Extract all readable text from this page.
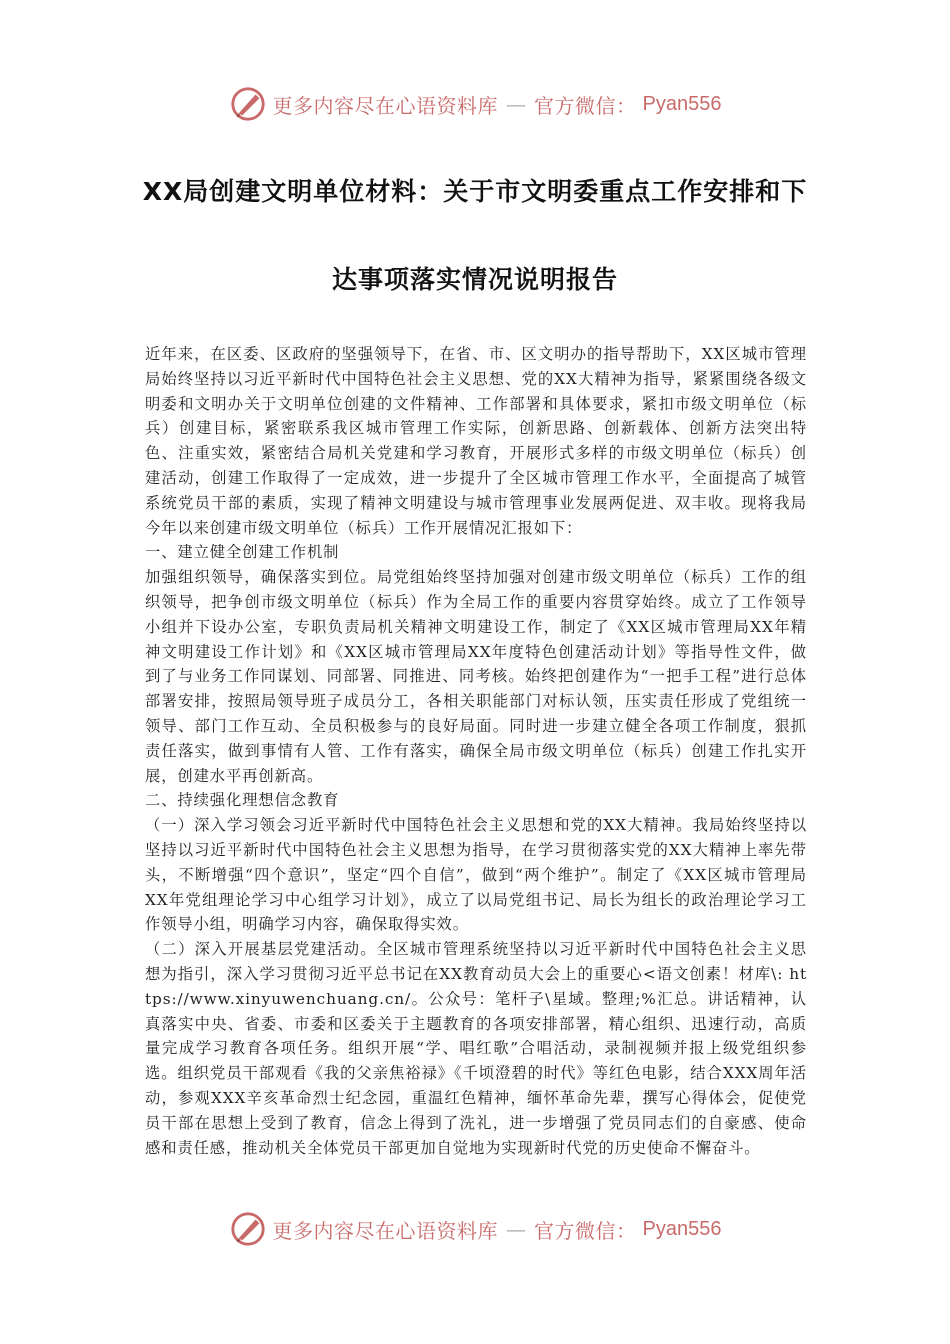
更多内容尽在心语资料库 — 官方微信： Pyan556
XX局创建文明单位材料：关于市文明委重点工作安排和下
达事项落实情况说明报告

近年来，在区委、区政府的坚强领导下，在省、市、区文明办的指导帮助下，XX区城市管理局始终坚持以习近平新时代中国特色社会主义思想、党的XX大精神为指导，紧紧围绕各级文明委和文明办关于文明单位创建的文件精神、工作部署和具体要求，紧扣市级文明单位（标兵）创建目标，紧密联系我区城市管理工作实际，创新思路、创新载体、创新方法突出特色、注重实效，紧密结合局机关党建和学习教育，开展形式多样的市级文明单位（标兵）创建活动，创建工作取得了一定成效，进一步提升了全区城市管理工作水平，全面提高了城管系统党员干部的素质，实现了精神文明建设与城市管理事业发展两促进、双丰收。现将我局今年以来创建市级文明单位（标兵）工作开展情况汇报如下：

一、建立健全创建工作机制

加强组织领导，确保落实到位。局党组始终坚持加强对创建市级文明单位（标兵）工作的组织领导，把争创市级文明单位（标兵）作为全局工作的重要内容贯穿始终。成立了工作领导小组并下设办公室，专职负责局机关精神文明建设工作，制定了《XX区城市管理局XX年精神文明建设工作计划》和《XX区城市管理局XX年度特色创建活动计划》等指导性文件，做到了与业务工作同谋划、同部署、同推进、同考核。始终把创建作为“一把手工程”进行总体部署安排，按照局领导班子成员分工，各相关职能部门对标认领，压实责任形成了党组统一领导、部门工作互动、全员积极参与的良好局面。同时进一步建立健全各项工作制度，狠抓责任落实，做到事情有人管、工作有落实，确保全局市级文明单位（标兵）创建工作扎实开展，创建水平再创新高。

二、持续强化理想信念教育

（一）深入学习领会习近平新时代中国特色社会主义思想和党的XX大精神。我局始终坚持以坚持以习近平新时代中国特色社会主义思想为指导，在学习贯彻落实党的XX大精神上率先带头，不断增强“四个意识”，坚定“四个自信”，做到“两个维护”。制定了《XX区城市管理局XX年党组理论学习中心组学习计划》，成立了以局党组书记、局长为组长的政治理论学习工作领导小组，明确学习内容，确保取得实效。

（二）深入开展基层党建活动。全区城市管理系统坚持以习近平新时代中国特色社会主义思想为指引，深入学习贯彻习近平总书记在XX教育动员大会上的重要心<语文创素！材库\: https://www.xinyuwenchuang.cn/。公众号：笔杆子\星域。整理;%汇总。讲话精神，认真落实中央、省委、市委和区委关于主题教育的各项安排部署，精心组织、迅速行动，高质量完成学习教育各项任务。组织开展“学、唱红歌”合唱活动，录制视频并报上级党组织参选。组织党员干部观看《我的父亲焦裕禄》《千顷澄碧的时代》等红色电影，结合XXX周年活动，参观XXX辛亥革命烈士纪念园，重温红色精神，缅怀革命先辈，撰写心得体会，促使党员干部在思想上受到了教育，信念上得到了洗礼，进一步增强了党员同志们的自豪感、使命感和责任感，推动机关全体党员干部更加自觉地为实现新时代党的历史使命不懈奋斗。

更多内容尽在心语资料库 — 官方微信： Pyan556
